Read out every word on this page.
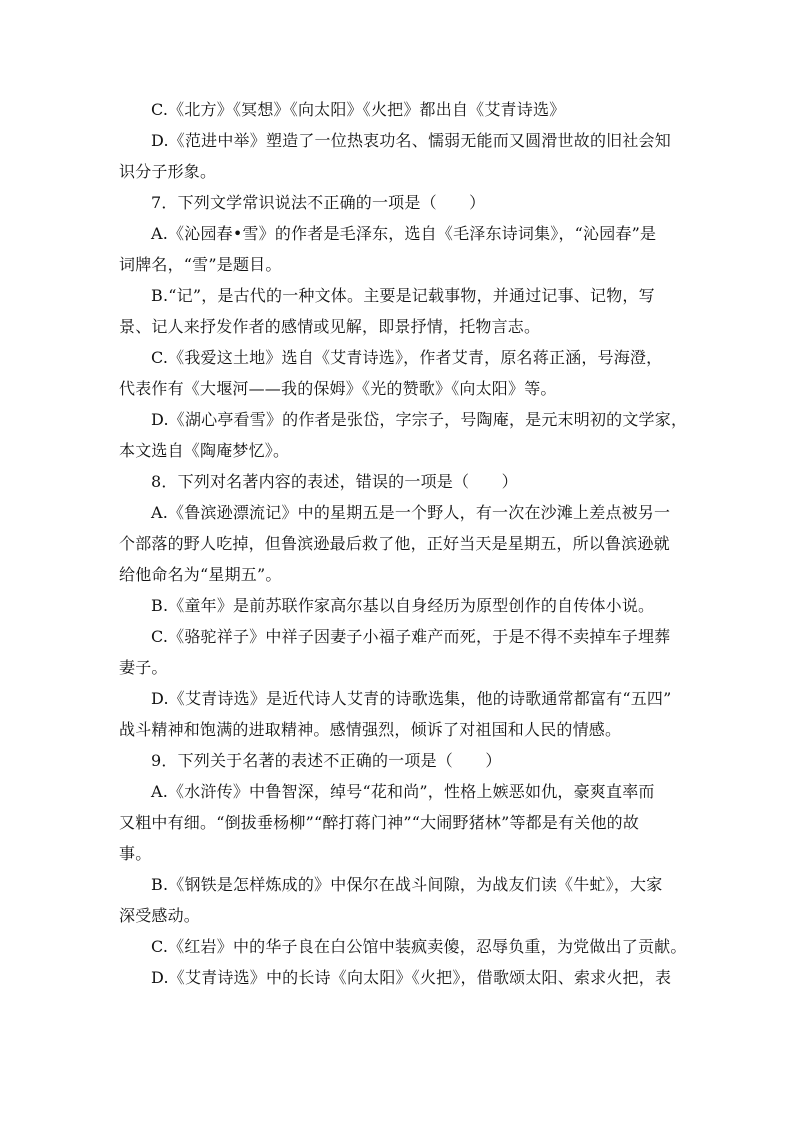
C.《北方》《冥想》《向太阳》《火把》都出自《艾青诗选》
D.《范进中举》塑造了一位热衷功名、懦弱无能而又圆滑世故的旧社会知
识分子形象。
7．下列文学常识说法不正确的一项是（　　）
A.《沁园春•雪》的作者是毛泽东，选自《毛泽东诗词集》，“沁园春”是
词牌名，“雪”是题目。
B.“记”，是古代的一种文体。主要是记载事物，并通过记事、记物，写
景、记人来抒发作者的感情或见解，即景抒情，托物言志。
C.《我爱这土地》选自《艾青诗选》，作者艾青，原名蒋正涵，号海澄，
代表作有《大堰河——我的保姆》《光的赞歌》《向太阳》等。
D.《湖心亭看雪》的作者是张岱，字宗子，号陶庵，是元末明初的文学家，
本文选自《陶庵梦忆》。
8．下列对名著内容的表述，错误的一项是（　　）
A.《鲁滨逊漂流记》中的星期五是一个野人，有一次在沙滩上差点被另一
个部落的野人吃掉，但鲁滨逊最后救了他，正好当天是星期五，所以鲁滨逊就
给他命名为“星期五”。
B.《童年》是前苏联作家高尔基以自身经历为原型创作的自传体小说。
C.《骆驼祥子》中祥子因妻子小福子难产而死，于是不得不卖掉车子埋葬
妻子。
D.《艾青诗选》是近代诗人艾青的诗歌选集，他的诗歌通常都富有“五四”
战斗精神和饱满的进取精神。感情强烈，倾诉了对祖国和人民的情感。
9．下列关于名著的表述不正确的一项是（　　）
A.《水浒传》中鲁智深，绰号“花和尚”，性格上嫉恶如仇，豪爽直率而
又粗中有细。“倒拔垂杨柳”“醉打蒋门神”“大闹野猪林”等都是有关他的故
事。
B.《钢铁是怎样炼成的》中保尔在战斗间隙，为战友们读《牛虻》，大家
深受感动。
C.《红岩》中的华子良在白公馆中装疯卖傻，忍辱负重，为党做出了贡献。
D.《艾青诗选》中的长诗《向太阳》《火把》，借歌颂太阳、索求火把，表
